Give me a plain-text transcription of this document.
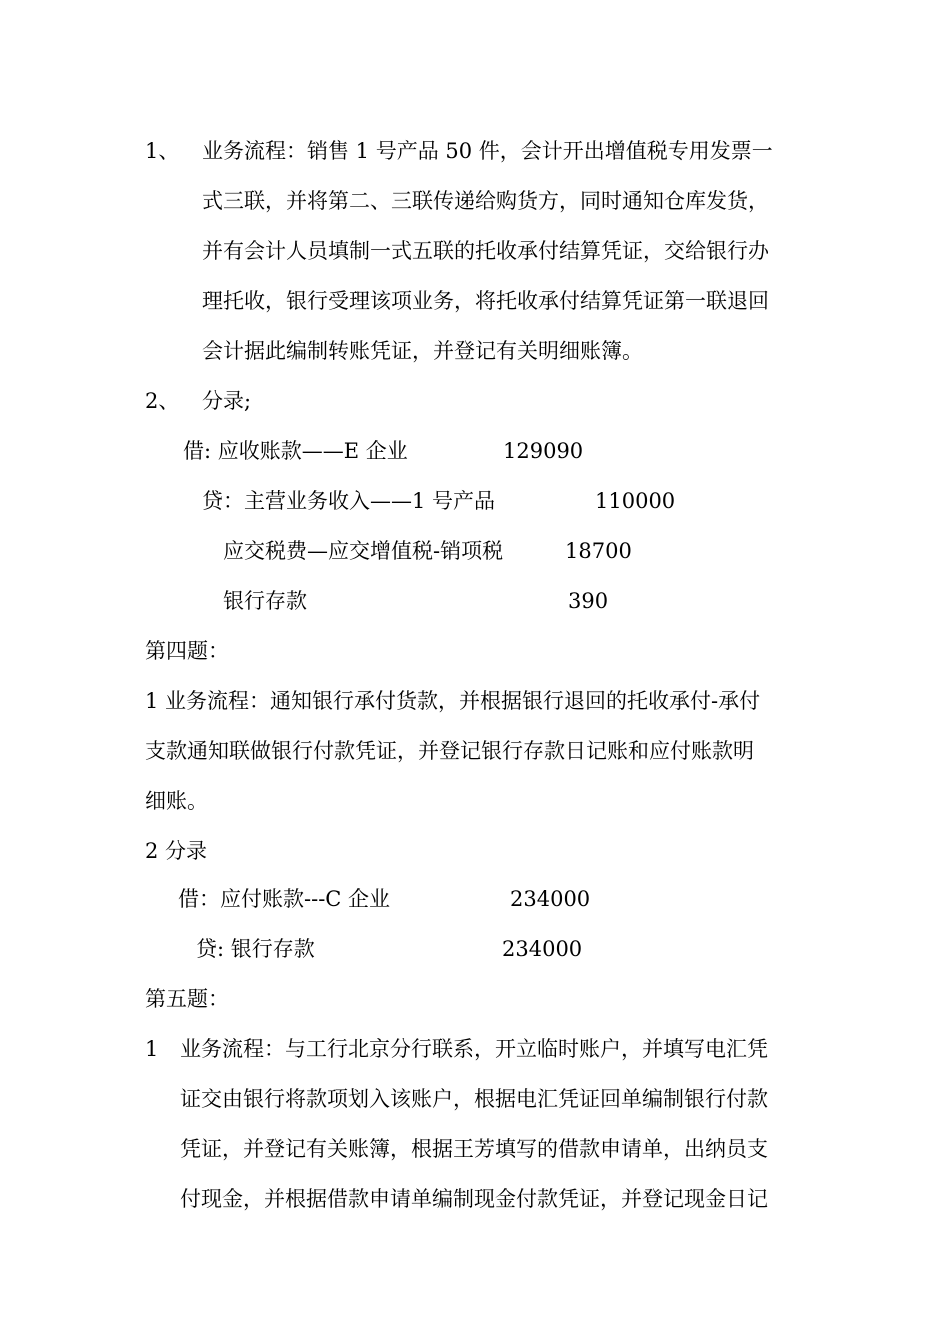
1、 业务流程：销售 1 号产品 50 件，会计开出增值税专用发票一
式三联，并将第二、三联传递给购货方，同时通知仓库发货，
并有会计人员填制一式五联的托收承付结算凭证，交给银行办
理托收，银行受理该项业务，将托收承付结算凭证第一联退回
会计据此编制转账凭证，并登记有关明细账簿。
2、 分录;
借: 应收账款——E 企业	129090
贷：主营业务收入——1 号产品	110000
应交税费—应交增值税-销项税	18700
银行存款	390
第四题：
1 业务流程：通知银行承付货款，并根据银行退回的托收承付-承付
支款通知联做银行付款凭证，并登记银行存款日记账和应付账款明
细账。
2 分录
借：应付账款---C 企业	234000
贷: 银行存款	234000
第五题：
1 业务流程：与工行北京分行联系，开立临时账户，并填写电汇凭
证交由银行将款项划入该账户，根据电汇凭证回单编制银行付款
凭证，并登记有关账簿，根据王芳填写的借款申请单，出纳员支
付现金，并根据借款申请单编制现金付款凭证，并登记现金日记
